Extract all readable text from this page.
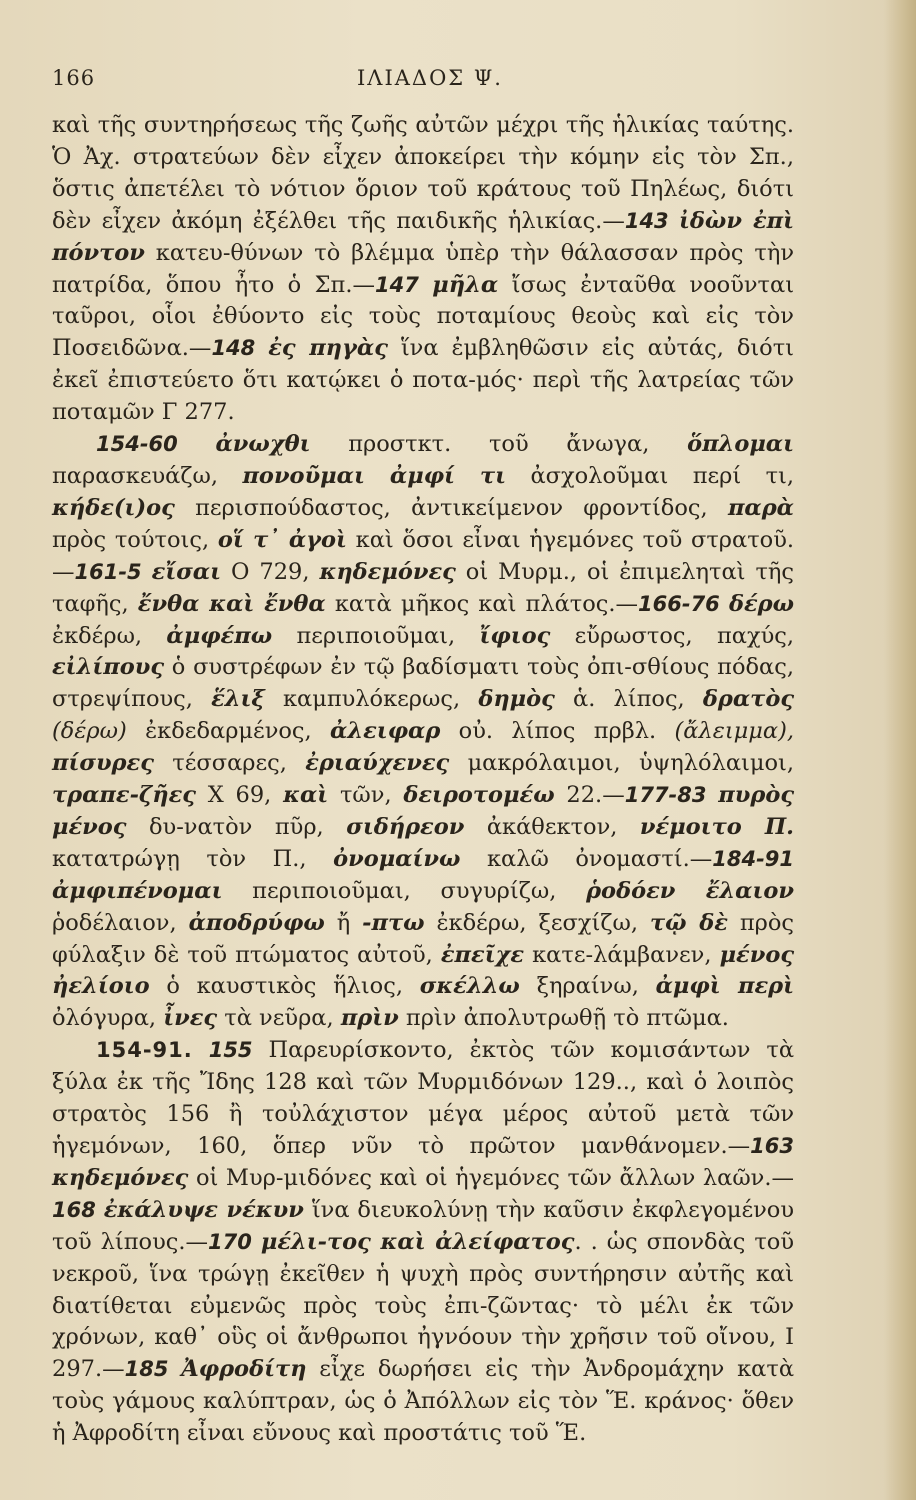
166	ΙΛΙΑΔΟΣ Ψ.

καὶ τῆς συντηρήσεως τῆς ζωῆς αὐτῶν μέχρι τῆς ἡλικίας ταύτης. Ὁ Ἀχ. στρατεύων δὲν εἶχεν ἀποκείρει τὴν κόμην εἰς τὸν Σπ., ὅστις ἀπετέλει τὸ νότιον ὅριον τοῦ κράτους τοῦ Πηλέως, διότι δὲν εἶχεν ἀκόμη ἐξέλθει τῆς παιδικῆς ἡλικίας.—143 ἰδὼν ἐπὶ πόντον κατευ-θύνων τὸ βλέμμα ὑπὲρ τὴν θάλασσαν πρὸς τὴν πατρίδα, ὅπου ἦτο ὁ Σπ.—147 μῆλα ἴσως ἐνταῦθα νοοῦνται ταῦροι, οἷοι ἐθύοντο εἰς τοὺς ποταμίους θεοὺς καὶ εἰς τὸν Ποσειδῶνα.—148 ἐς πηγὰς ἵνα ἐμβληθῶσιν εἰς αὐτάς, διότι ἐκεῖ ἐπιστεύετο ὅτι κατῴκει ὁ ποτα-μός· περὶ τῆς λατρείας τῶν ποταμῶν Γ 277.

154-60 ἀνωχθι προστκτ. τοῦ ἄνωγα, ὅπλομαι παρασκευάζω, πονοῦμαι ἀμφί τι ἀσχολοῦμαι περί τι, κήδε(ι)ος περισπούδαστος, ἀντικείμενον φροντίδος, παρὰ πρὸς τούτοις, οἵ τ᾽ ἀγοὶ καὶ ὅσοι εἶναι ἡγεμόνες τοῦ στρατοῦ.—161-5 εἴσαι Ο 729, κηδεμόνες οἱ Μυρμ., οἱ ἐπιμεληταὶ τῆς ταφῆς, ἔνθα καὶ ἔνθα κατὰ μῆκος καὶ πλάτος.—166-76 δέρω ἐκδέρω, ἀμφέπω περιποιοῦμαι, ἴφιος εὔρωστος, παχύς, εἰλίπους ὁ συστρέφων ἐν τῷ βαδίσματι τοὺς ὀπι-σθίους πόδας, στρεψίπους, ἕλιξ καμπυλόκερως, δημὸς ἁ. λίπος, δρατὸς (δέρω) ἐκδεδαρμένος, ἀλειφαρ οὐ. λίπος πρβλ. (ἄλειμμα), πίσυρες τέσσαρες, ἐριαύχενες μακρόλαιμοι, ὑψηλόλαιμοι, τραπε-ζῆες Χ 69, καὶ τῶν, δειροτομέω 22.—177-83 πυρὸς μένος δυ-νατὸν πῦρ, σιδήρεον ἀκάθεκτον, νέμοιτο Π. κατατρώγῃ τὸν Π., ὀνομαίνω καλῶ ὀνομαστί.—184-91 ἀμφιπένομαι περιποιοῦμαι, συγυρίζω, ῥοδόεν ἔλαιον ῥοδέλαιον, ἀποδρύφω ἤ -πτω ἐκδέρω, ξεσχίζω, τῷ δὲ πρὸς φύλαξιν δὲ τοῦ πτώματος αὐτοῦ, ἐπεῖχε κατε-λάμβανεν, μένος ἠελίοιο ὁ καυστικὸς ἥλιος, σκέλλω ξηραίνω, ἀμφὶ περὶ ὀλόγυρα, ἶνες τὰ νεῦρα, πρὶν πρὶν ἀπολυτρωθῇ τὸ πτῶμα.

154-91. 155 Παρευρίσκοντο, ἐκτὸς τῶν κομισάντων τὰ ξύλα ἐκ τῆς Ἴδης 128 καὶ τῶν Μυρμιδόνων 129.., καὶ ὁ λοιπὸς στρατὸς 156 ἢ τοὐλάχιστον μέγα μέρος αὐτοῦ μετὰ τῶν ἡγεμόνων, 160, ὅπερ νῦν τὸ πρῶτον μανθάνομεν.—163 κηδεμόνες οἱ Μυρ-μιδόνες καὶ οἱ ἡγεμόνες τῶν ἄλλων λαῶν.—168 ἐκάλυψε νέκυν ἵνα διευκολύνῃ τὴν καῦσιν ἐκφλεγομένου τοῦ λίπους.—170 μέλι-τος καὶ ἀλείφατος. . ὡς σπονδὰς τοῦ νεκροῦ, ἵνα τρώγῃ ἐκεῖθεν ἡ ψυχὴ πρὸς συντήρησιν αὐτῆς καὶ διατίθεται εὐμενῶς πρὸς τοὺς ἐπι-ζῶντας· τὸ μέλι ἐκ τῶν χρόνων, καθ᾽ οὓς οἱ ἄνθρωποι ἠγνόουν τὴν χρῆσιν τοῦ οἴνου, Ι 297.—185 Ἀφροδίτη εἶχε δωρήσει εἰς τὴν Ἀνδρομάχην κατὰ τοὺς γάμους καλύπτραν, ὡς ὁ Ἀπόλλων εἰς τὸν Ἕ. κράνος· ὅθεν ἡ Ἀφροδίτη εἶναι εὔνους καὶ προστάτις τοῦ Ἕ.
